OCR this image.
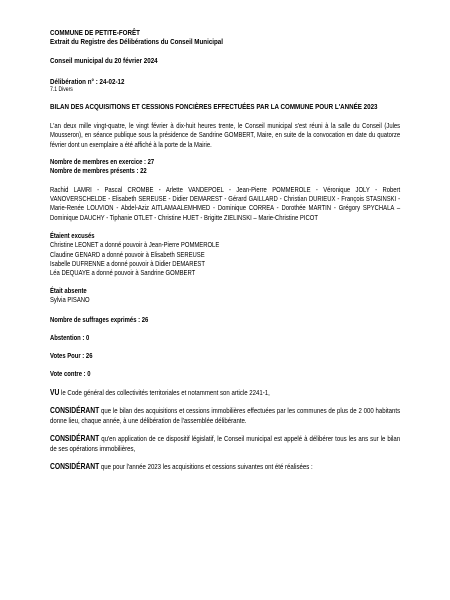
COMMUNE DE PETITE-FORÊT
Extrait du Registre des Délibérations du Conseil Municipal
Conseil municipal du 20 février 2024
Délibération n° : 24-02-12
7.1 Divers
BILAN DES ACQUISITIONS ET CESSIONS FONCIÈRES EFFECTUÉES PAR LA COMMUNE POUR L'ANNÉE 2023
L'an deux mille vingt-quatre, le vingt février à dix-huit heures trente, le Conseil municipal s'est réuni à la salle du Conseil (Jules Mousseron), en séance publique sous la présidence de Sandrine GOMBERT, Maire, en suite de la convocation en date du quatorze février dont un exemplaire a été affiché à la porte de la Mairie.
Nombre de membres en exercice : 27
Nombre de membres présents : 22
Rachid LAMRI - Pascal CROMBE - Arlette VANDEPOEL - Jean-Pierre POMMEROLE - Véronique JOLY - Robert VANOVERSCHELDE - Elisabeth SEREUSE - Didier DEMAREST - Gérard GAILLARD - Christian DURIEUX - François STASINSKI - Marie-Renée LOUVION - Abdel-Aziz AITLAMAALEMHMED - Dominique CORREA - Dorothée MARTIN - Grégory SPYCHALA – Dominique DAUCHY - Tiphanie OTLET - Christine HUET - Brigitte ZIELINSKI – Marie-Christine PICOT
Étaient excusés
Christine LEONET a donné pouvoir à Jean-Pierre POMMEROLE
Claudine GENARD a donné pouvoir à Elisabeth SEREUSE
Isabelle DUFRENNE a donné pouvoir à Didier DEMAREST
Léa DEQUAYE a donné pouvoir à Sandrine GOMBERT
Était absente
Sylvia PISANO
Nombre de suffrages exprimés : 26
Abstention : 0
Votes Pour : 26
Vote contre : 0
VU le Code général des collectivités territoriales et notamment son article 2241-1,
CONSIDÉRANT que le bilan des acquisitions et cessions immobilières effectuées par les communes de plus de 2 000 habitants donne lieu, chaque année, à une délibération de l'assemblée délibérante.
CONSIDÉRANT qu'en application de ce dispositif législatif, le Conseil municipal est appelé à délibérer tous les ans sur le bilan de ses opérations immobilières,
CONSIDÉRANT que pour l'année 2023 les acquisitions et cessions suivantes ont été réalisées :
